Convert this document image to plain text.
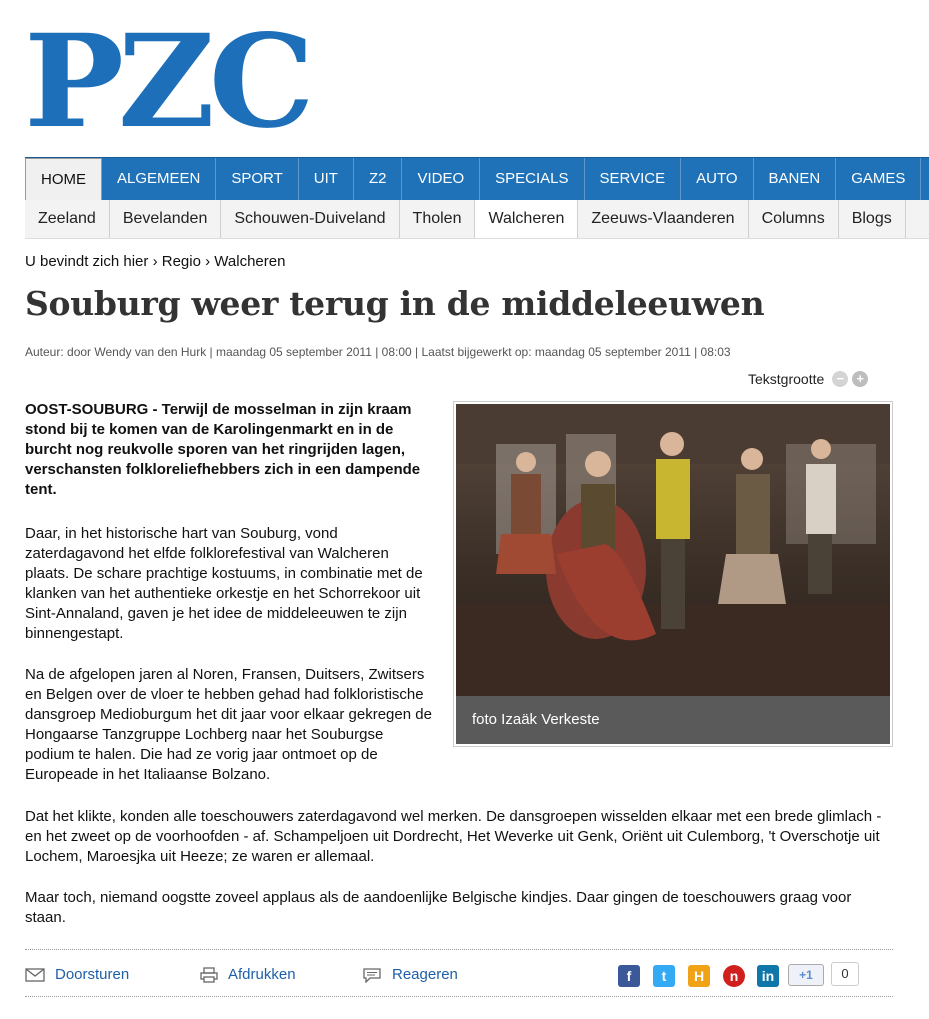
PZC
HOME	ALGEMEEN	SPORT	UIT	Z2	VIDEO	SPECIALS	SERVICE	AUTO	BANEN	GAMES
Zeeland	Bevelanden	Schouwen-Duiveland	Tholen	Walcheren	Zeeuws-Vlaanderen	Columns	Blogs
U bevindt zich hier › Regio › Walcheren
Souburg weer terug in de middeleeuwen
Auteur: door Wendy van den Hurk | maandag 05 september 2011 | 08:00 | Laatst bijgewerkt op: maandag 05 september 2011 | 08:03
Tekstgrootte − +
OOST-SOUBURG - Terwijl de mosselman in zijn kraam stond bij te komen van de Karolingenmarkt en in de burcht nog reukvolle sporen van het ringrijden lagen, verschansten folkloreliefhebbers zich in een dampende tent.
foto Izaäk Verkeste
Daar, in het historische hart van Souburg, vond zaterdagavond het elfde folklorefestival van Walcheren plaats. De schare prachtige kostuums, in combinatie met de klanken van het authentieke orkestje en het Schorrekoor uit Sint-Annaland, gaven je het idee de middeleeuwen te zijn binnengestapt.
Na de afgelopen jaren al Noren, Fransen, Duitsers, Zwitsers en Belgen over de vloer te hebben gehad had folkloristische dansgroep Medioburgum het dit jaar voor elkaar gekregen de Hongaarse Tanzgruppe Lochberg naar het Souburgse podium te halen. Die had ze vorig jaar ontmoet op de Europeade in het Italiaanse Bolzano.
Dat het klikte, konden alle toeschouwers zaterdagavond wel merken. De dansgroepen wisselden elkaar met een brede glimlach - en het zweet op de voorhoofden - af. Schampeljoen uit Dordrecht, Het Weverke uit Genk, Oriënt uit Culemborg, 't Overschotje uit Lochem, Maroesjka uit Heeze; ze waren er allemaal.
Maar toch, niemand oogstte zoveel applaus als de aandoenlijke Belgische kindjes. Daar gingen de toeschouwers graag voor staan.
Doorsturen	Afdrukken	Reageren	f	t	H	n	in	+1	0
